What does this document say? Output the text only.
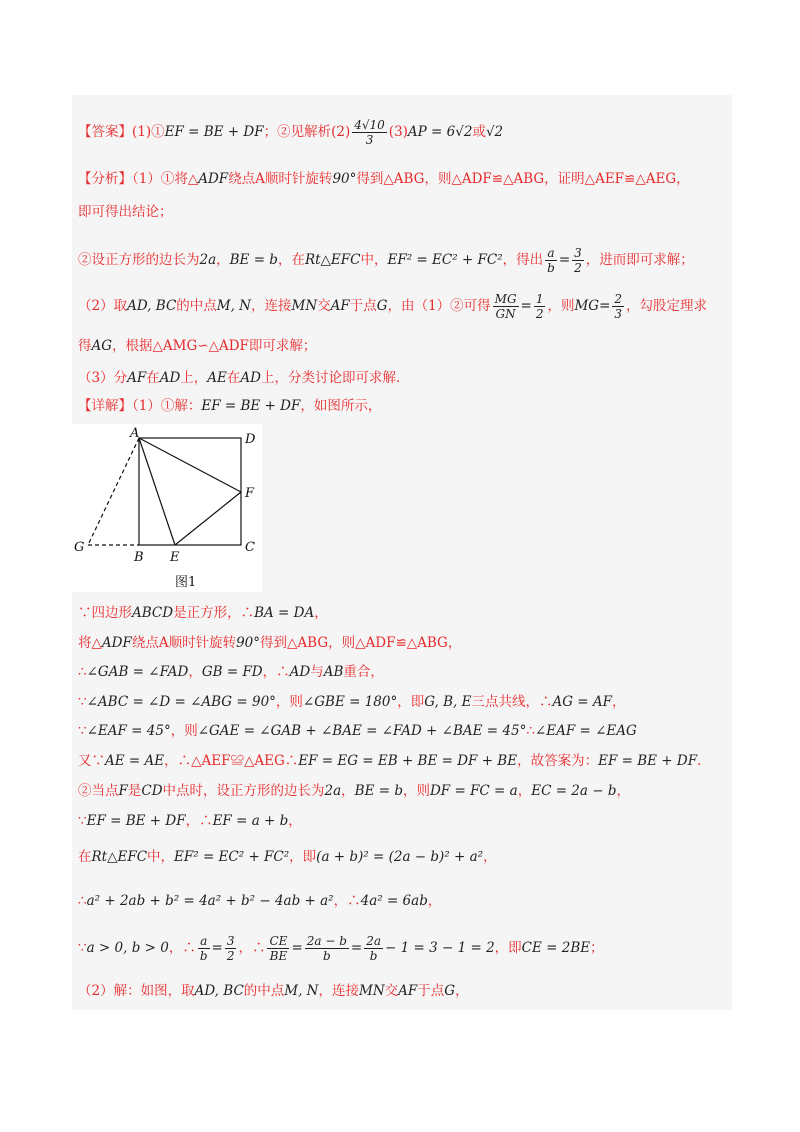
【答案】(1)①EF = BE + DF；②见解析$(2) \frac{4√10}{3} (3)AP = 6√2$或√2
【分析】（1）①将△ADF绕点A顺时针旋转90°得到△ABG，则△ADF≌△ABG，证明△AEF≌△AEG，
即可得出结论；
②设正方形的边长为2a，BE = b，在Rt△EFC中，EF² = EC² + FC²，得出 $\frac{a}{b} = \frac{3}{2}$ ，进而即可求解；
（2）取AD, BC的中点M, N，连接MN交AF于点G，由（1）②可得 $\frac{MG}{GN} = \frac{1}{2}$ ，则$MG= \frac{2}{3}$ ，勾股定理求
得AG，根据△AMG∽△ADF即可求解；
（3）分AF在AD上，AE在AD上，分类讨论即可求解．
【详解】（1）①解：EF = BE + DF，如图所示，
A	D
F
C
B E
G
图1
∵四边形ABCD是正方形，∴BA = DA，
将△ADF绕点A顺时针旋转90°得到△ABG，则△ADF≌△ABG，
∴∠GAB = ∠FAD，GB = FD，∴AD与AB重合，
∵∠ABC = ∠D = ∠ABG = 90°，则∠GBE = 180°，即G, B, E三点共线，∴AG = AF，
∵∠EAF = 45°，则∠GAE = ∠GAB + ∠BAE = ∠FAD + ∠BAE = 45°∴∠EAF = ∠EAG
又∵AE = AE，∴△AEF≌△AEG∴EF = EG = EB + BE = DF + BE，故答案为：EF = BE + DF．
②当点F是CD中点时，设正方形的边长为2a，BE = b，则DF = FC = a，EC = 2a − b，
∵EF = BE + DF，∴EF = a + b，
在Rt△EFC中，EF² = EC² + FC²，即(a + b)² = (2a − b)² + a²，
∴a² + 2ab + b² = 4a² + b² − 4ab + a²，∴4a² = 6ab，
∵a > 0, b > 0，∴ $\frac{a}{b} = \frac{3}{2}$ ，∴ $\frac{CE}{BE} = \frac{2a - b}{b} = \frac{2a}{b} - 1 = 3 - 1 = 2$，即CE = 2BE；
（2）解：如图，取AD, BC的中点M, N，连接MN交AF于点G，
